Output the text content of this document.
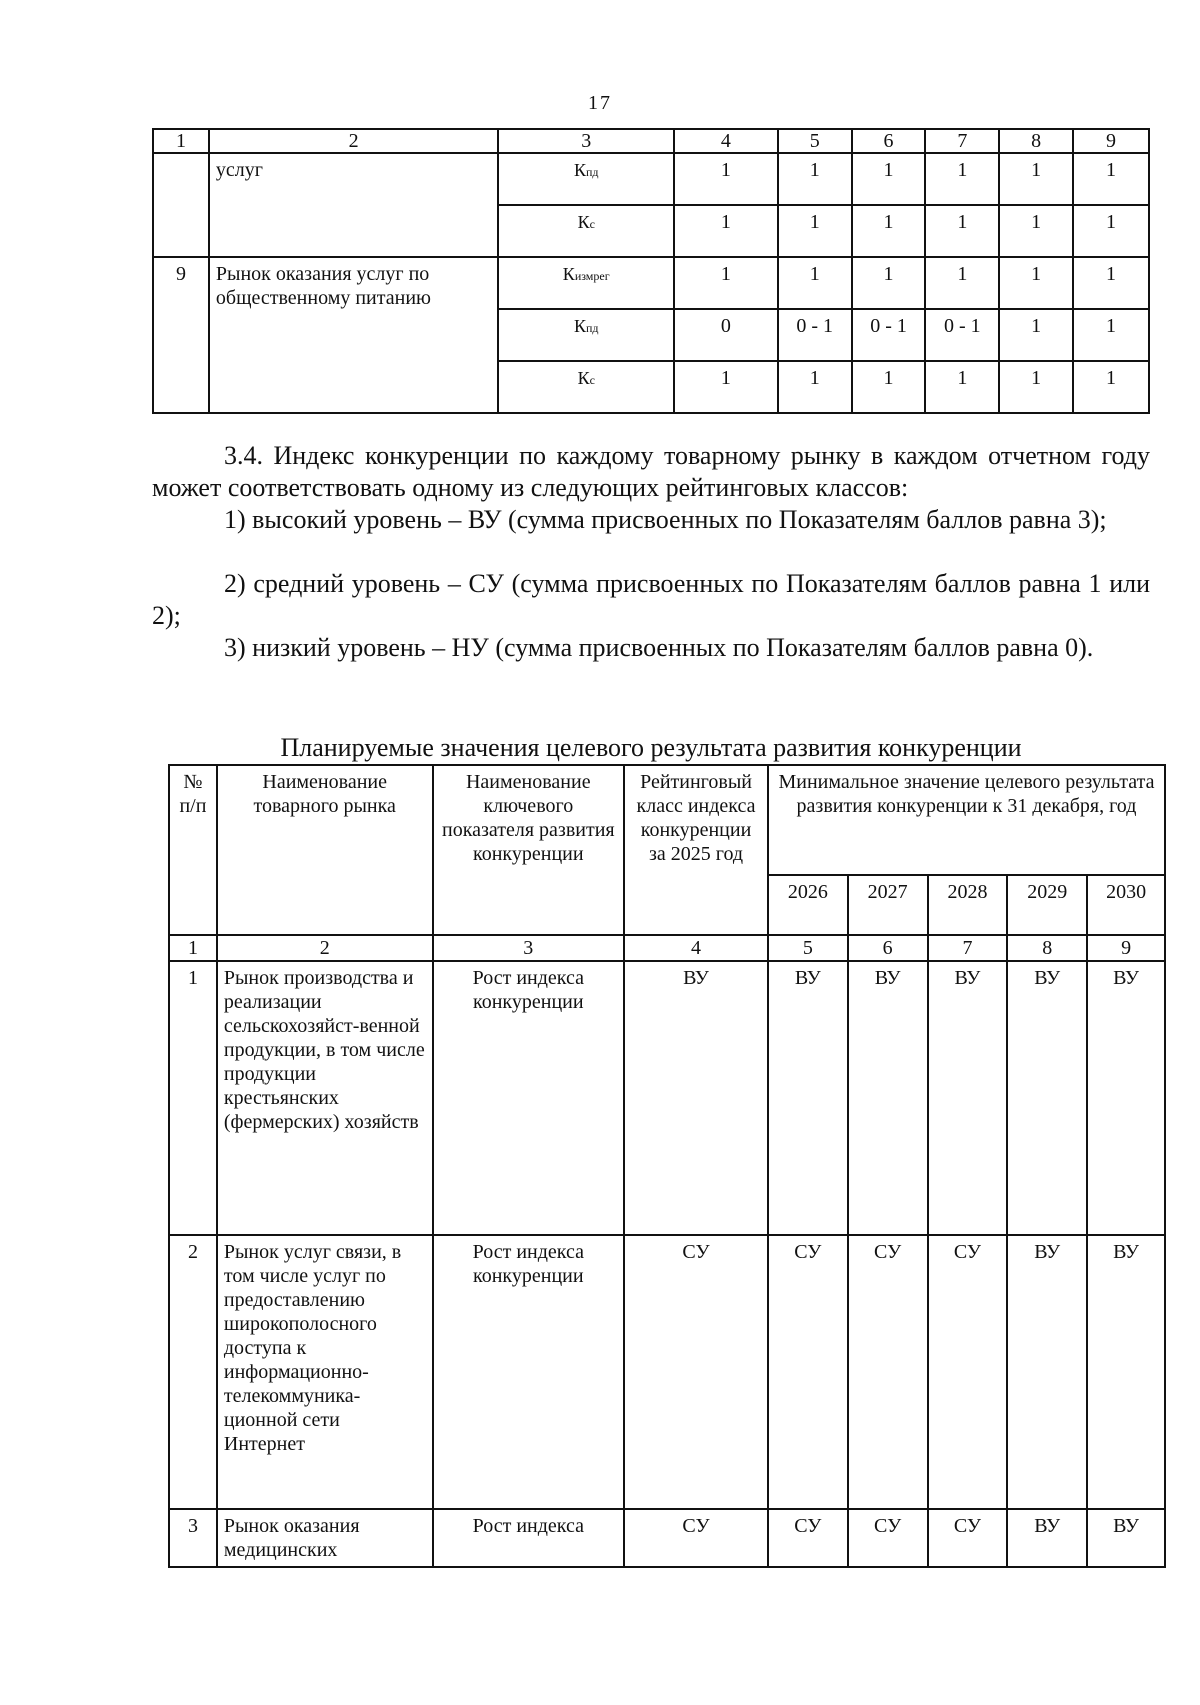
17
1	2	3	4	5	6	7	8	9
	услуг	Кпд	1	1	1	1	1	1
		Кс	1	1	1	1	1	1
9	Рынок оказания услуг по общественному питанию	Кизмрег	1	1	1	1	1	1
		Кпд	0	0 - 1	0 - 1	0 - 1	1	1
		Кс	1	1	1	1	1	1
3.4. Индекс конкуренции по каждому товарному рынку в каждом отчетном году может соответствовать одному из следующих рейтинговых классов:
1) высокий уровень – ВУ (сумма присвоенных по Показателям баллов равна 3);
2) средний уровень – СУ (сумма присвоенных по Показателям баллов равна 1 или 2);
3) низкий уровень – НУ (сумма присвоенных по Показателям баллов равна 0).
Планируемые значения целевого результата развития конкуренции
№ п/п	Наименование товарного рынка	Наименование ключевого показателя развития конкуренции	Рейтинговый класс индекса конкуренции за 2025 год	Минимальное значение целевого результата развития конкуренции к 31 декабря, год				
				2026	2027	2028	2029	2030
1	2	3	4	5	6	7	8	9
1	Рынок производства и реализации сельскохозяйст-венной продукции, в том числе продукции крестьянских (фермерских) хозяйств	Рост индекса конкуренции	ВУ	ВУ	ВУ	ВУ	ВУ	ВУ
2	Рынок услуг связи, в том числе услуг по предоставлению широкополосного доступа к информационно-телекоммуника-ционной сети Интернет	Рост индекса конкуренции	СУ	СУ	СУ	СУ	ВУ	ВУ
3	Рынок оказания медицинских	Рост индекса	СУ	СУ	СУ	СУ	ВУ	ВУ
